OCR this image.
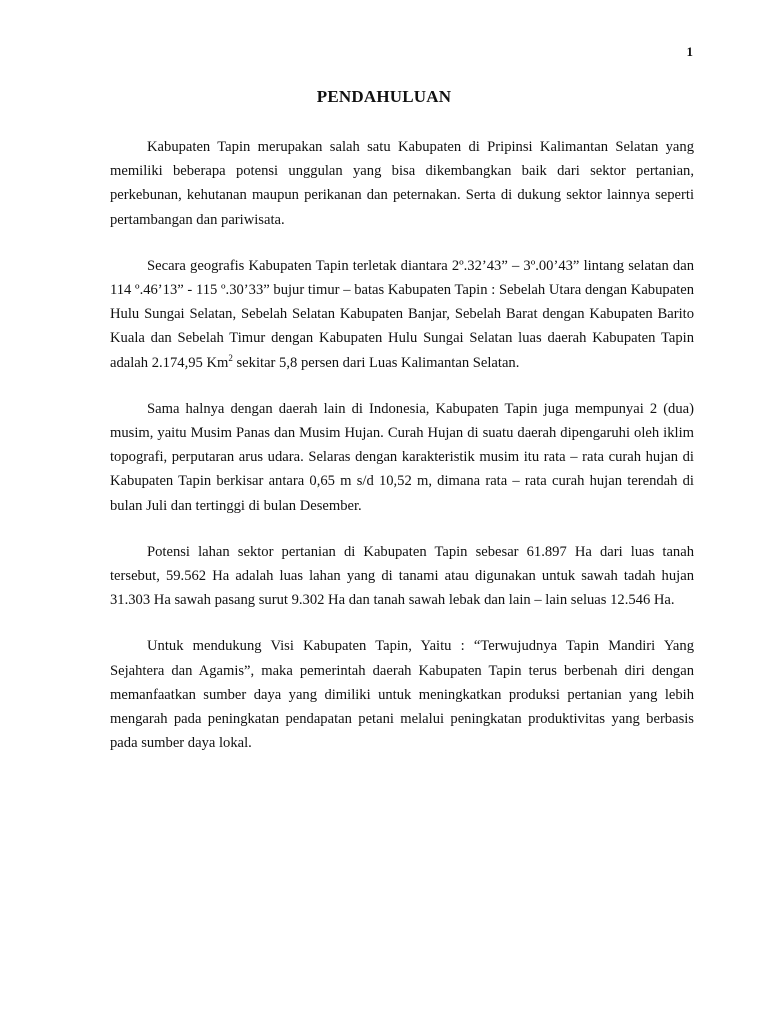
1
PENDAHULUAN

Kabupaten Tapin merupakan salah satu Kabupaten di Pripinsi Kalimantan Selatan yang memiliki beberapa potensi unggulan yang bisa dikembangkan baik dari sektor pertanian, perkebunan, kehutanan maupun perikanan dan peternakan. Serta di dukung sektor lainnya seperti pertambangan dan pariwisata.

Secara geografis Kabupaten Tapin terletak diantara 2º.32’43” – 3º.00’43” lintang selatan dan 114 º.46’13” - 115 º.30’33” bujur timur – batas Kabupaten Tapin : Sebelah Utara dengan Kabupaten Hulu Sungai Selatan, Sebelah Selatan Kabupaten Banjar, Sebelah Barat dengan Kabupaten Barito Kuala dan Sebelah Timur dengan Kabupaten Hulu Sungai Selatan luas daerah Kabupaten Tapin adalah 2.174,95 Km$^2$ sekitar 5,8 persen dari Luas Kalimantan Selatan.

Sama halnya dengan daerah lain di Indonesia, Kabupaten Tapin juga mempunyai 2 (dua) musim, yaitu Musim Panas dan Musim Hujan. Curah Hujan di suatu daerah dipengaruhi oleh iklim topografi, perputaran arus udara. Selaras dengan karakteristik musim itu rata – rata curah hujan di Kabupaten Tapin berkisar antara 0,65 m s/d 10,52 m, dimana rata – rata curah hujan terendah di bulan Juli dan tertinggi di bulan Desember.

Potensi lahan sektor pertanian di Kabupaten Tapin sebesar 61.897 Ha dari luas tanah tersebut, 59.562 Ha adalah luas lahan yang di tanami atau digunakan untuk sawah tadah hujan 31.303 Ha sawah pasang surut 9.302 Ha dan tanah sawah lebak dan lain – lain seluas 12.546 Ha.

Untuk mendukung Visi Kabupaten Tapin, Yaitu : “Terwujudnya Tapin Mandiri Yang Sejahtera dan Agamis”, maka pemerintah daerah Kabupaten Tapin terus berbenah diri dengan memanfaatkan sumber daya yang dimiliki untuk meningkatkan produksi pertanian yang lebih mengarah pada peningkatan pendapatan petani melalui peningkatan produktivitas yang berbasis pada sumber daya lokal.
